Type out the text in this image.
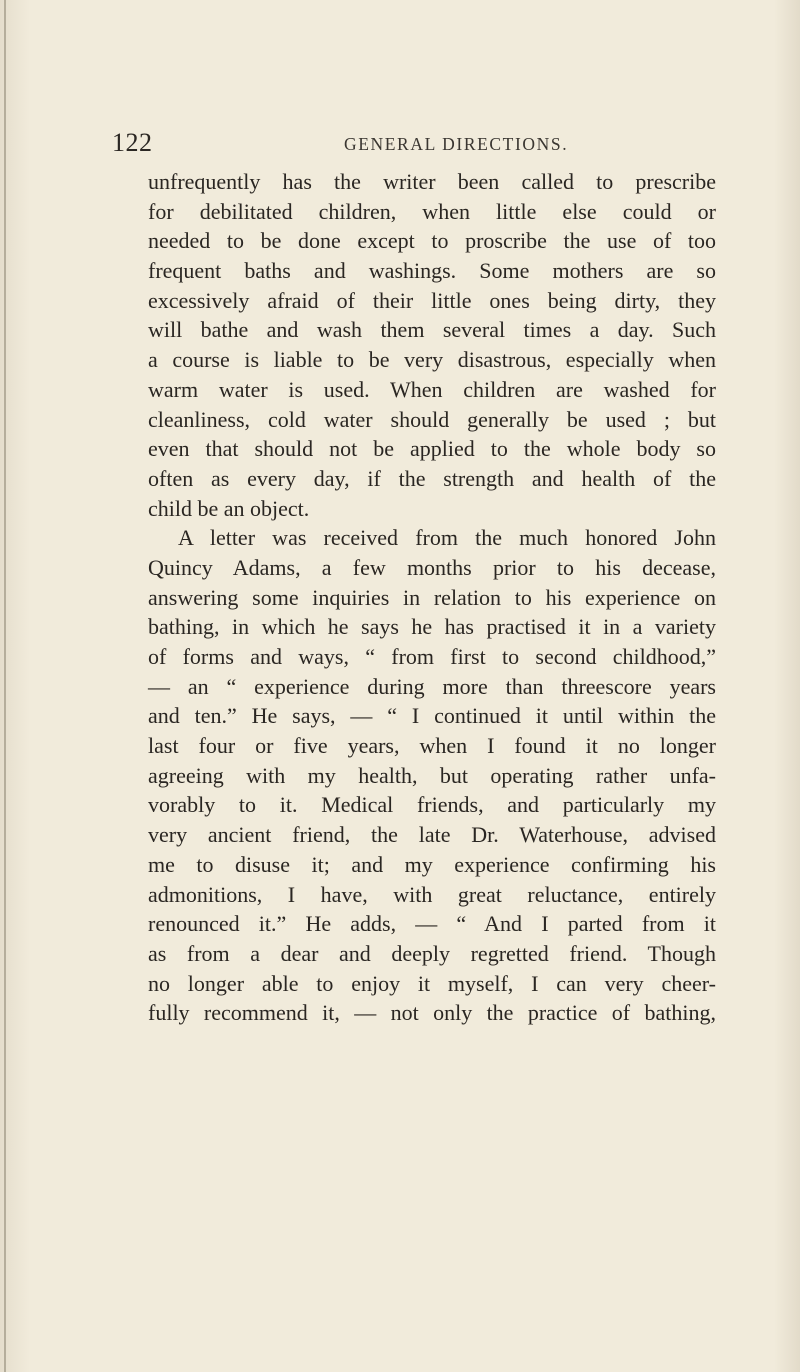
122	GENERAL DIRECTIONS.
unfrequently has the writer been called to prescribe
for debilitated children, when little else could or
needed to be done except to proscribe the use of too
frequent baths and washings. Some mothers are so
excessively afraid of their little ones being dirty, they
will bathe and wash them several times a day. Such
a course is liable to be very disastrous, especially when
warm water is used. When children are washed for
cleanliness, cold water should generally be used ; but
even that should not be applied to the whole body so
often as every day, if the strength and health of the
child be an object.
A letter was received from the much honored John
Quincy Adams, a few months prior to his decease,
answering some inquiries in relation to his experience on
bathing, in which he says he has practised it in a variety
of forms and ways, “ from first to second childhood,”
— an “ experience during more than threescore years
and ten.” He says, — “ I continued it until within the
last four or five years, when I found it no longer
agreeing with my health, but operating rather unfa-
vorably to it. Medical friends, and particularly my
very ancient friend, the late Dr. Waterhouse, advised
me to disuse it; and my experience confirming his
admonitions, I have, with great reluctance, entirely
renounced it.” He adds, — “ And I parted from it
as from a dear and deeply regretted friend. Though
no longer able to enjoy it myself, I can very cheer-
fully recommend it, — not only the practice of bathing,
